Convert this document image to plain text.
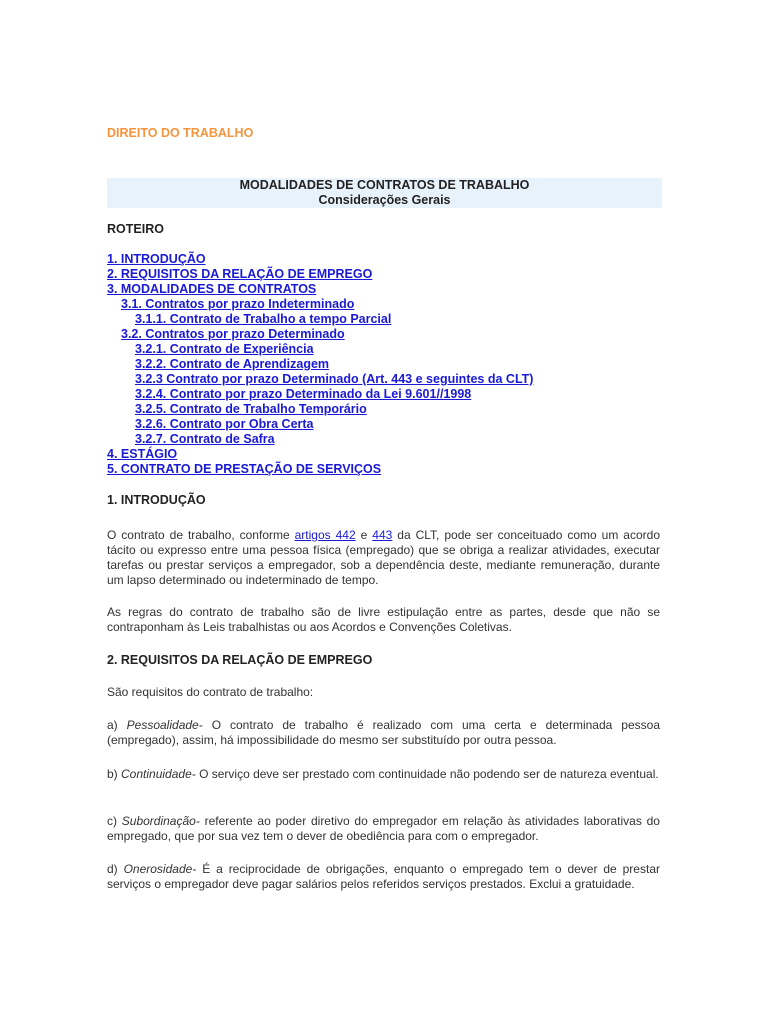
DIREITO DO TRABALHO
MODALIDADES DE CONTRATOS DE TRABALHO
Considerações Gerais
ROTEIRO
1. INTRODUÇÃO
2. REQUISITOS DA RELAÇÃO DE EMPREGO
3. MODALIDADES DE CONTRATOS
3.1. Contratos por prazo Indeterminado
3.1.1. Contrato de Trabalho a tempo Parcial
3.2. Contratos por prazo Determinado
3.2.1. Contrato de Experiência
3.2.2. Contrato de Aprendizagem
3.2.3 Contrato por prazo Determinado (Art. 443 e seguintes da CLT)
3.2.4. Contrato por prazo Determinado da Lei 9.601//1998
3.2.5. Contrato de Trabalho Temporário
3.2.6. Contrato por Obra Certa
3.2.7. Contrato de Safra
4. ESTÁGIO
5. CONTRATO DE PRESTAÇÃO DE SERVIÇOS
1. INTRODUÇÃO
O contrato de trabalho, conforme artigos 442 e 443 da CLT, pode ser conceituado como um acordo tácito ou expresso entre uma pessoa física (empregado) que se obriga a realizar atividades, executar tarefas ou prestar serviços a empregador, sob a dependência deste, mediante remuneração, durante um lapso determinado ou indeterminado de tempo.
As regras do contrato de trabalho são de livre estipulação entre as partes, desde que não se contraponham às Leis trabalhistas ou aos Acordos e Convenções Coletivas.
2. REQUISITOS DA RELAÇÃO DE EMPREGO
São requisitos do contrato de trabalho:
a) Pessoalidade- O contrato de trabalho é realizado com uma certa e determinada pessoa (empregado), assim, há impossibilidade do mesmo ser substituído por outra pessoa.
b) Continuidade- O serviço deve ser prestado com continuidade não podendo ser de natureza eventual.
c) Subordinação- referente ao poder diretivo do empregador em relação às atividades laborativas do empregado, que por sua vez tem o dever de obediência para com o empregador.
d) Onerosidade- É a reciprocidade de obrigações, enquanto o empregado tem o dever de prestar serviços o empregador deve pagar salários pelos referidos serviços prestados. Exclui a gratuidade.
